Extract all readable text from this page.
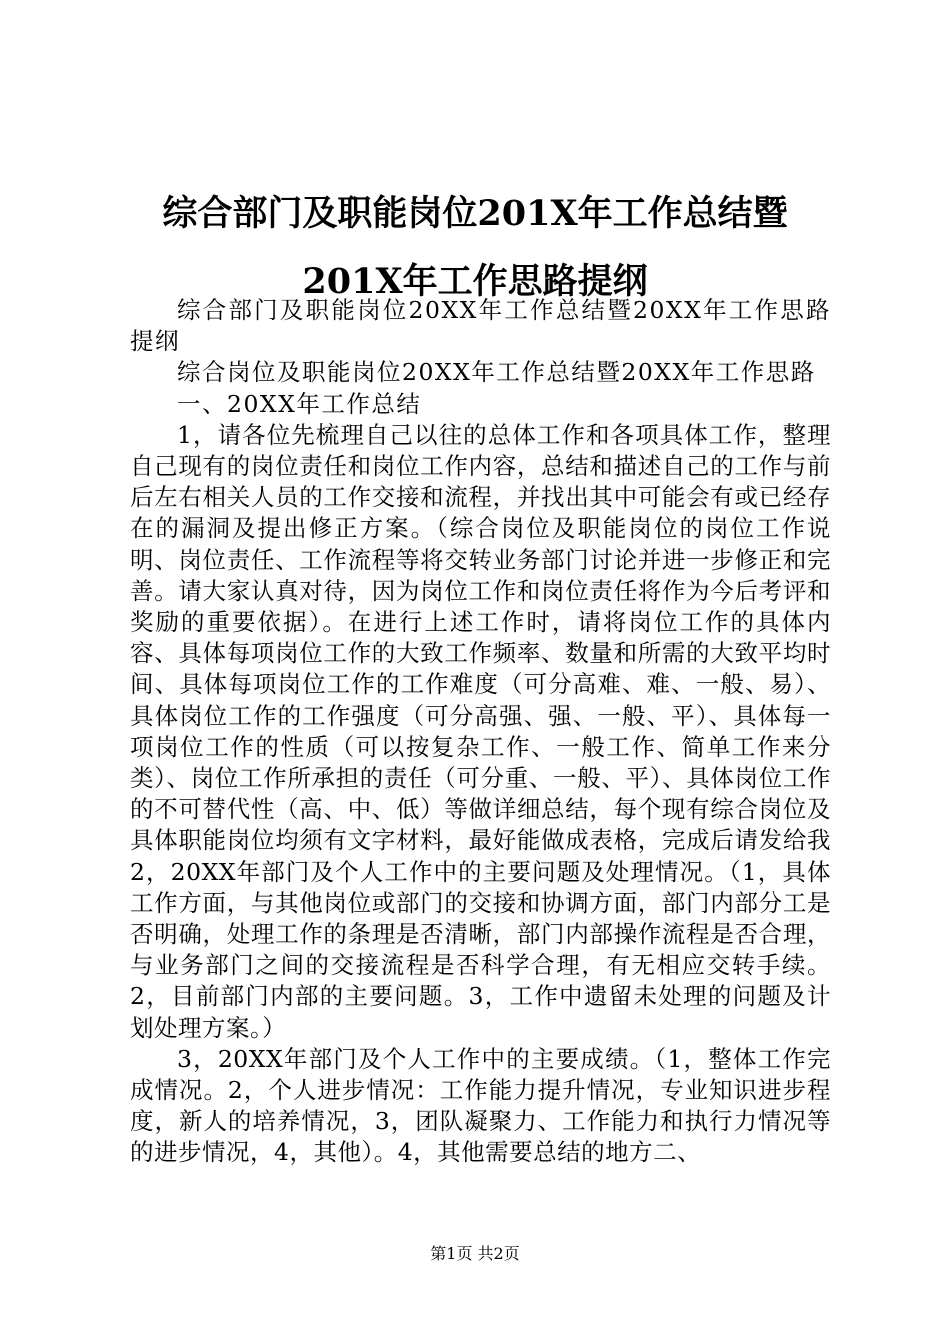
综合部门及职能岗位201X年工作总结暨201X年工作思路提纲

综合部门及职能岗位20XX年工作总结暨20XX年工作思路提纲

综合岗位及职能岗位20XX年工作总结暨20XX年工作思路

一、20XX年工作总结

1，请各位先梳理自己以往的总体工作和各项具体工作，整理自己现有的岗位责任和岗位工作内容，总结和描述自己的工作与前后左右相关人员的工作交接和流程，并找出其中可能会有或已经存在的漏洞及提出修正方案。（综合岗位及职能岗位的岗位工作说明、岗位责任、工作流程等将交转业务部门讨论并进一步修正和完善。请大家认真对待，因为岗位工作和岗位责任将作为今后考评和奖励的重要依据）。在进行上述工作时，请将岗位工作的具体内容、具体每项岗位工作的大致工作频率、数量和所需的大致平均时间、具体每项岗位工作的工作难度（可分高难、难、一般、易）、具体岗位工作的工作强度（可分高强、强、一般、平）、具体每一项岗位工作的性质（可以按复杂工作、一般工作、简单工作来分类）、岗位工作所承担的责任（可分重、一般、平）、具体岗位工作的不可替代性（高、中、低）等做详细总结，每个现有综合岗位及具体职能岗位均须有文字材料，最好能做成表格，完成后请发给我2，20XX年部门及个人工作中的主要问题及处理情况。（1，具体工作方面，与其他岗位或部门的交接和协调方面，部门内部分工是否明确，处理工作的条理是否清晰，部门内部操作流程是否合理，与业务部门之间的交接流程是否科学合理，有无相应交转手续。2，目前部门内部的主要问题。3，工作中遗留未处理的问题及计划处理方案。）

3，20XX年部门及个人工作中的主要成绩。（1，整体工作完成情况。2，个人进步情况：工作能力提升情况，专业知识进步程度，新人的培养情况，3，团队凝聚力、工作能力和执行力情况等的进步情况，4，其他）。4，其他需要总结的地方二、

第1页 共2页
